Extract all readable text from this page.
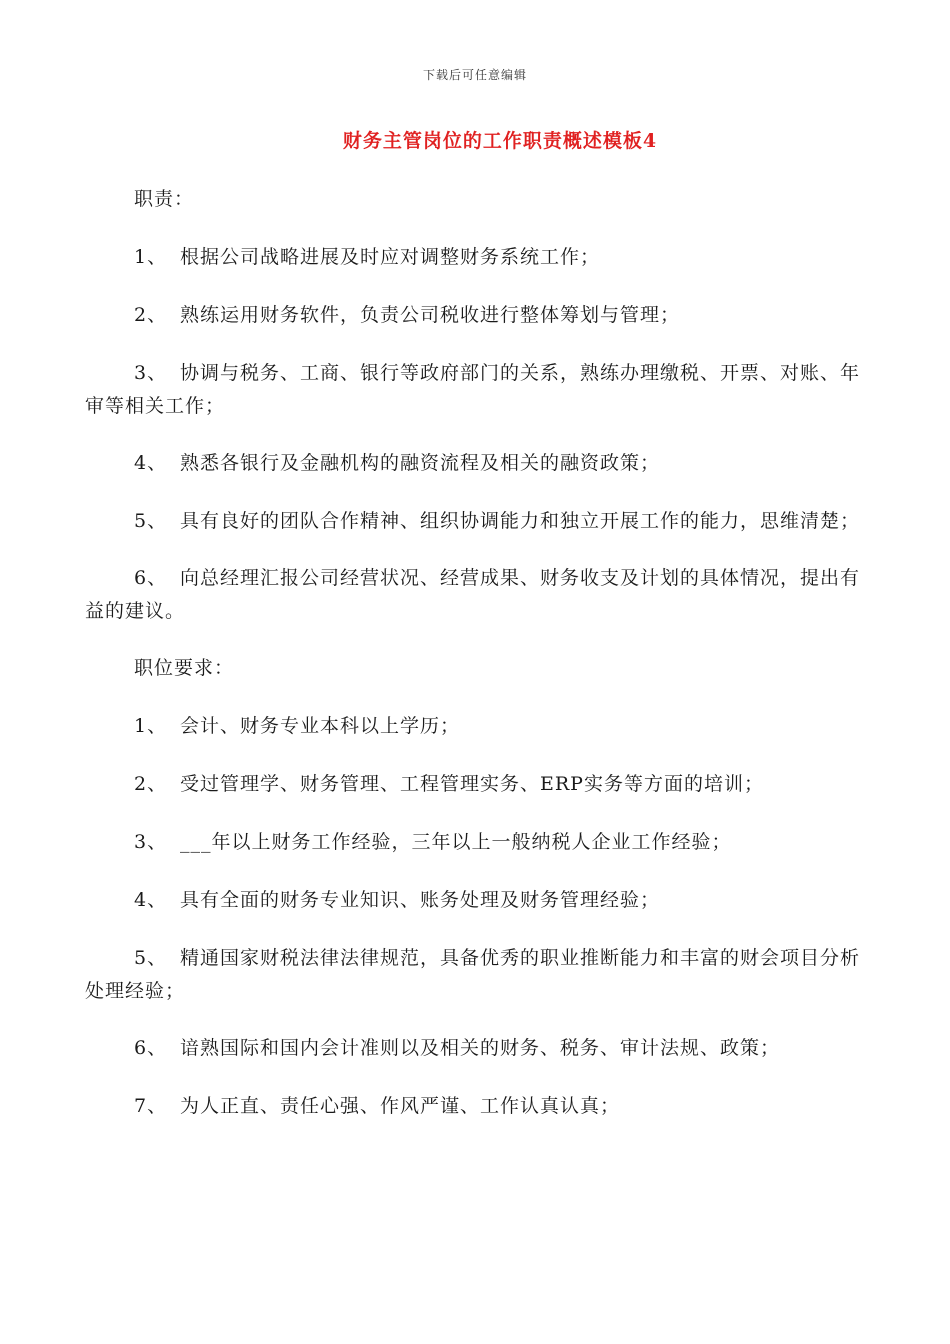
下载后可任意编辑
财务主管岗位的工作职责概述模板4

职责：

1、 根据公司战略进展及时应对调整财务系统工作；

2、 熟练运用财务软件，负责公司税收进行整体筹划与管理；

3、 协调与税务、工商、银行等政府部门的关系，熟练办理缴税、开票、对账、年审等相关工作；

4、 熟悉各银行及金融机构的融资流程及相关的融资政策；

5、 具有良好的团队合作精神、组织协调能力和独立开展工作的能力，思维清楚；

6、 向总经理汇报公司经营状况、经营成果、财务收支及计划的具体情况，提出有益的建议。

职位要求：

1、 会计、财务专业本科以上学历；

2、 受过管理学、财务管理、工程管理实务、ERP实务等方面的培训；

3、 ___年以上财务工作经验，三年以上一般纳税人企业工作经验；

4、 具有全面的财务专业知识、账务处理及财务管理经验；

5、 精通国家财税法律法律规范，具备优秀的职业推断能力和丰富的财会项目分析处理经验；

6、 谙熟国际和国内会计准则以及相关的财务、税务、审计法规、政策；

7、 为人正直、责任心强、作风严谨、工作认真认真；
